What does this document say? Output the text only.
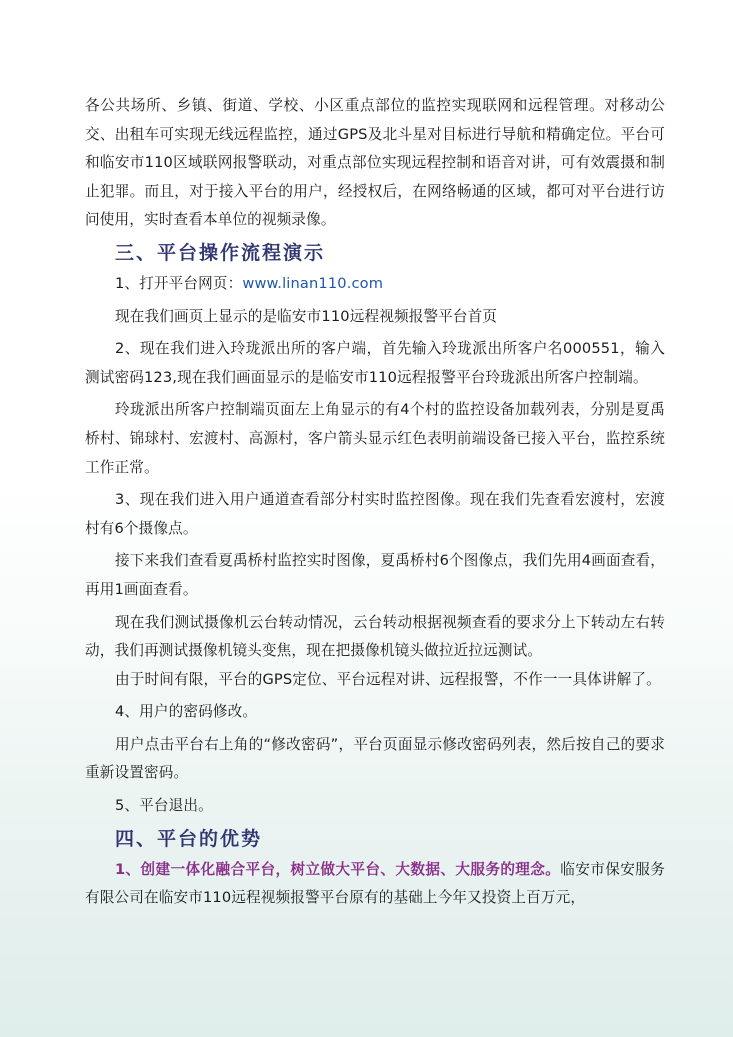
各公共场所、乡镇、街道、学校、小区重点部位的监控实现联网和远程管理。对移动公交、出租车可实现无线远程监控，通过GPS及北斗星对目标进行导航和精确定位。平台可和临安市110区域联网报警联动，对重点部位实现远程控制和语音对讲，可有效震摄和制止犯罪。而且，对于接入平台的用户，经授权后，在网络畅通的区域，都可对平台进行访问使用，实时查看本单位的视频录像。

三、平台操作流程演示

1、打开平台网页：www.linan110.com

现在我们画页上显示的是临安市110远程视频报警平台首页

2、现在我们进入玲珑派出所的客户端，首先输入玲珑派出所客户名000551，输入测试密码123,现在我们画面显示的是临安市110远程报警平台玲珑派出所客户控制端。

玲珑派出所客户控制端页面左上角显示的有4个村的监控设备加载列表，分别是夏禹桥村、锦球村、宏渡村、高源村，客户箭头显示红色表明前端设备已接入平台，监控系统工作正常。

3、现在我们进入用户通道查看部分村实时监控图像。现在我们先查看宏渡村，宏渡村有6个摄像点。

接下来我们查看夏禹桥村监控实时图像，夏禹桥村6个图像点，我们先用4画面查看，再用1画面查看。

现在我们测试摄像机云台转动情况，云台转动根据视频查看的要求分上下转动左右转动，我们再测试摄像机镜头变焦，现在把摄像机镜头做拉近拉远测试。

由于时间有限，平台的GPS定位、平台远程对讲、远程报警，不作一一具体讲解了。

4、用户的密码修改。

用户点击平台右上角的“修改密码”，平台页面显示修改密码列表，然后按自己的要求重新设置密码。

5、平台退出。

四、平台的优势

1、创建一体化融合平台，树立做大平台、大数据、大服务的理念。临安市保安服务有限公司在临安市110远程视频报警平台原有的基础上今年又投资上百万元，
